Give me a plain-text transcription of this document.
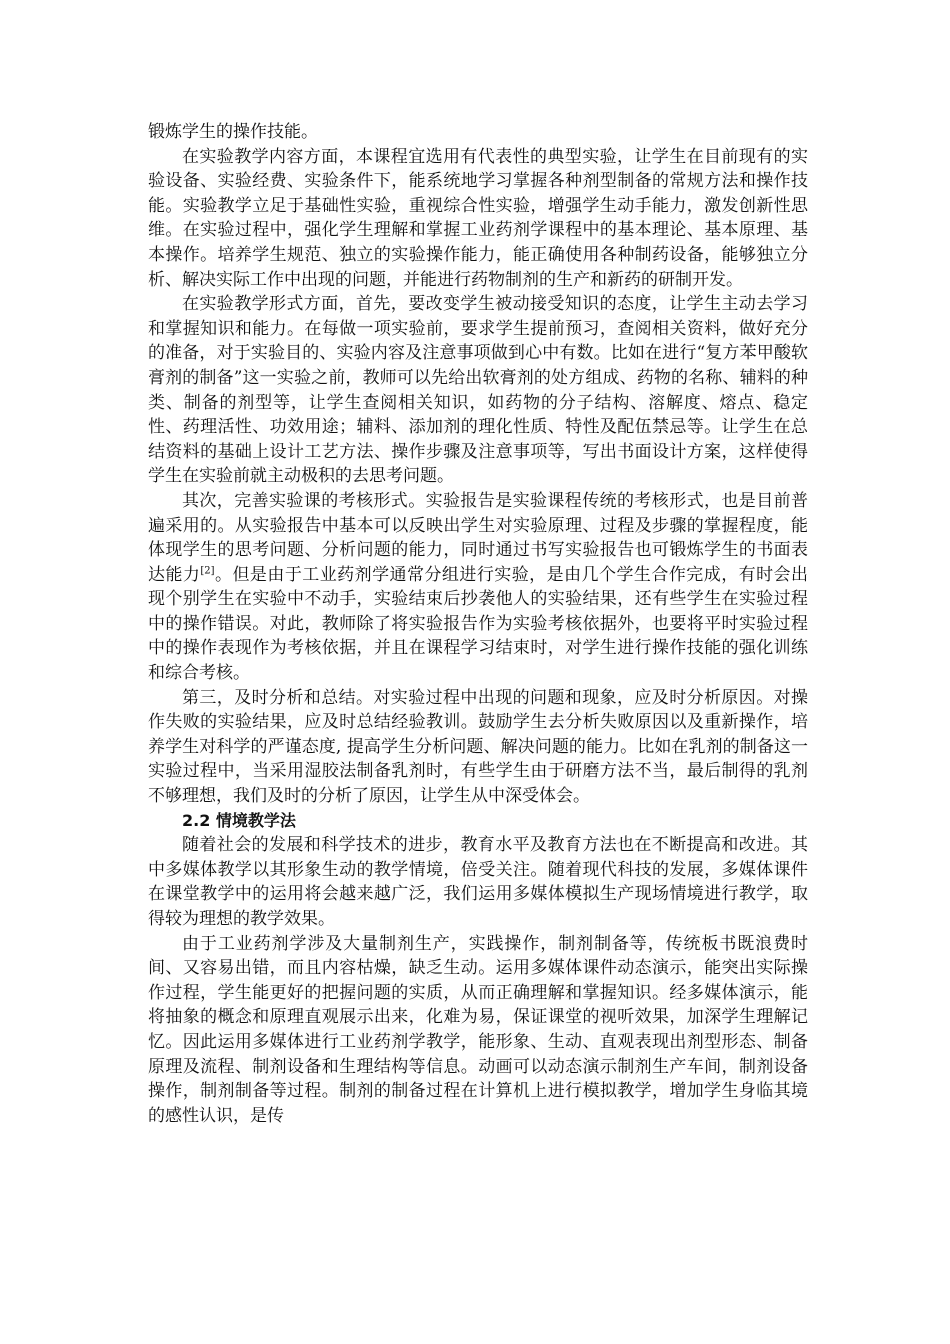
锻炼学生的操作技能。

在实验教学内容方面，本课程宜选用有代表性的典型实验，让学生在目前现有的实验设备、实验经费、实验条件下，能系统地学习掌握各种剂型制备的常规方法和操作技能。实验教学立足于基础性实验，重视综合性实验，增强学生动手能力，激发创新性思维。在实验过程中，强化学生理解和掌握工业药剂学课程中的基本理论、基本原理、基本操作。培养学生规范、独立的实验操作能力，能正确使用各种制药设备，能够独立分析、解决实际工作中出现的问题，并能进行药物制剂的生产和新药的研制开发。

在实验教学形式方面，首先，要改变学生被动接受知识的态度，让学生主动去学习和掌握知识和能力。在每做一项实验前，要求学生提前预习，查阅相关资料，做好充分的准备，对于实验目的、实验内容及注意事项做到心中有数。比如在进行“复方苯甲酸软膏剂的制备”这一实验之前，教师可以先给出软膏剂的处方组成、药物的名称、辅料的种类、制备的剂型等，让学生查阅相关知识，如药物的分子结构、溶解度、熔点、稳定性、药理活性、功效用途；辅料、添加剂的理化性质、特性及配伍禁忌等。让学生在总结资料的基础上设计工艺方法、操作步骤及注意事项等，写出书面设计方案，这样使得学生在实验前就主动极积的去思考问题。

其次，完善实验课的考核形式。实验报告是实验课程传统的考核形式，也是目前普遍采用的。从实验报告中基本可以反映出学生对实验原理、过程及步骤的掌握程度，能体现学生的思考问题、分析问题的能力，同时通过书写实验报告也可锻炼学生的书面表达能力[2]。但是由于工业药剂学通常分组进行实验，是由几个学生合作完成，有时会出现个别学生在实验中不动手，实验结束后抄袭他人的实验结果，还有些学生在实验过程中的操作错误。对此，教师除了将实验报告作为实验考核依据外，也要将平时实验过程中的操作表现作为考核依据，并且在课程学习结束时，对学生进行操作技能的强化训练和综合考核。

第三，及时分析和总结。对实验过程中出现的问题和现象，应及时分析原因。对操作失败的实验结果，应及时总结经验教训。鼓励学生去分析失败原因以及重新操作，培养学生对科学的严谨态度, 提高学生分析问题、解决问题的能力。比如在乳剂的制备这一实验过程中，当采用湿胶法制备乳剂时，有些学生由于研磨方法不当，最后制得的乳剂不够理想，我们及时的分析了原因，让学生从中深受体会。

2.2 情境教学法

随着社会的发展和科学技术的进步，教育水平及教育方法也在不断提高和改进。其中多媒体教学以其形象生动的教学情境，倍受关注。随着现代科技的发展，多媒体课件在课堂教学中的运用将会越来越广泛，我们运用多媒体模拟生产现场情境进行教学，取得较为理想的教学效果。

由于工业药剂学涉及大量制剂生产，实践操作，制剂制备等，传统板书既浪费时间、又容易出错，而且内容枯燥，缺乏生动。运用多媒体课件动态演示，能突出实际操作过程，学生能更好的把握问题的实质，从而正确理解和掌握知识。经多媒体演示，能将抽象的概念和原理直观展示出来，化难为易，保证课堂的视听效果，加深学生理解记忆。因此运用多媒体进行工业药剂学教学，能形象、生动、直观表现出剂型形态、制备原理及流程、制剂设备和生理结构等信息。动画可以动态演示制剂生产车间，制剂设备操作，制剂制备等过程。制剂的制备过程在计算机上进行模拟教学，增加学生身临其境的感性认识，是传
